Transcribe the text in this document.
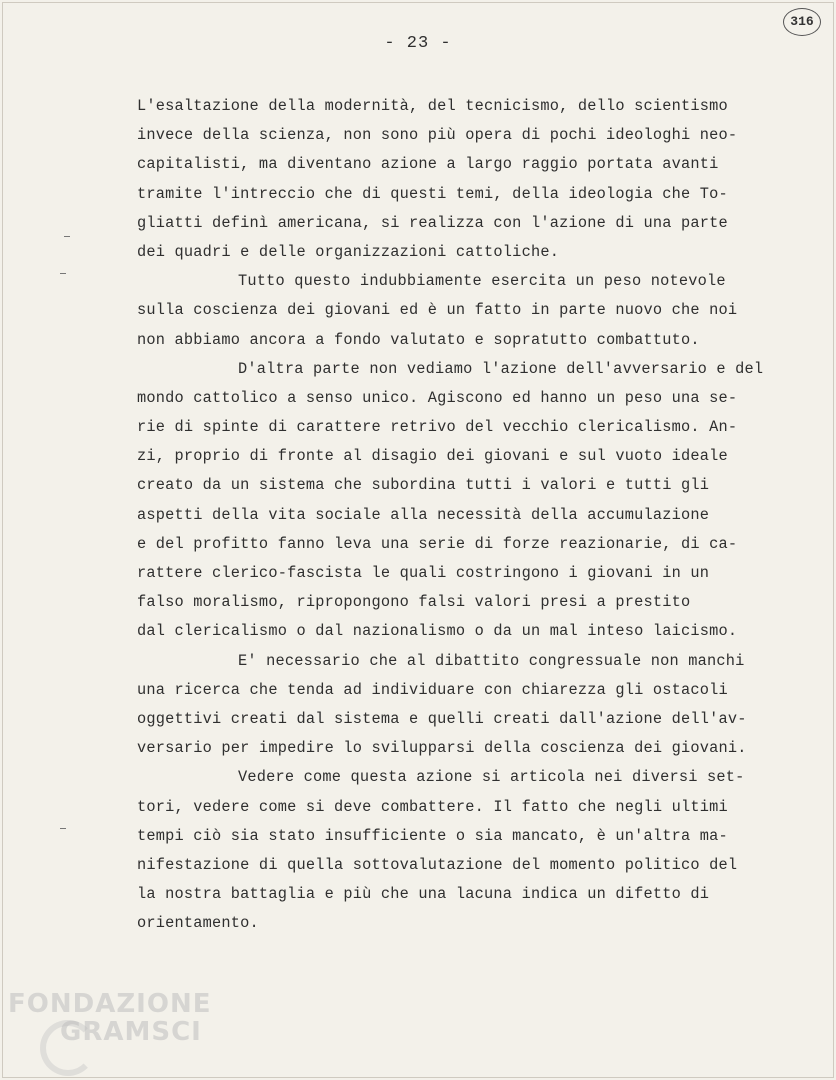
316
- 23 -
L'esaltazione della modernità, del tecnicismo, dello scientismo
invece della scienza, non sono più opera di pochi ideologhi neo-
capitalisti, ma diventano azione a largo raggio portata avanti
tramite l'intreccio che di questi temi, della ideologia che To-
gliatti definì americana, si realizza con l'azione di una parte
dei quadri e delle organizzazioni cattoliche.
Tutto questo indubbiamente esercita un peso notevole
sulla coscienza dei giovani ed è un fatto in parte nuovo che noi
non abbiamo ancora a fondo valutato e sopratutto combattuto.
D'altra parte non vediamo l'azione dell'avversario e del
mondo cattolico a senso unico. Agiscono ed hanno un peso una se-
rie di spinte di carattere retrivo del vecchio clericalismo. An-
zi, proprio di fronte al disagio dei giovani e sul vuoto ideale
creato da un sistema che subordina tutti i valori e tutti gli
aspetti della vita sociale alla necessità della accumulazione
e del profitto fanno leva una serie di forze reazionarie, di ca-
rattere clerico-fascista le quali costringono i giovani in un
falso moralismo, ripropongono falsi valori presi a prestito
dal clericalismo o dal nazionalismo o da un mal inteso laicismo.
E' necessario che al dibattito congressuale non manchi
una ricerca che tenda ad individuare con chiarezza gli ostacoli
oggettivi creati dal sistema e quelli creati dall'azione dell'av-
versario per impedire lo svilupparsi della coscienza dei giovani.
Vedere come questa azione si articola nei diversi set-
tori, vedere come si deve combattere. Il fatto che negli ultimi
tempi ciò sia stato insufficiente o sia mancato, è un'altra ma-
nifestazione di quella sottovalutazione del momento politico del
la nostra battaglia e più che una lacuna indica un difetto di
orientamento.
FONDAZIONE
GRAMSCI
